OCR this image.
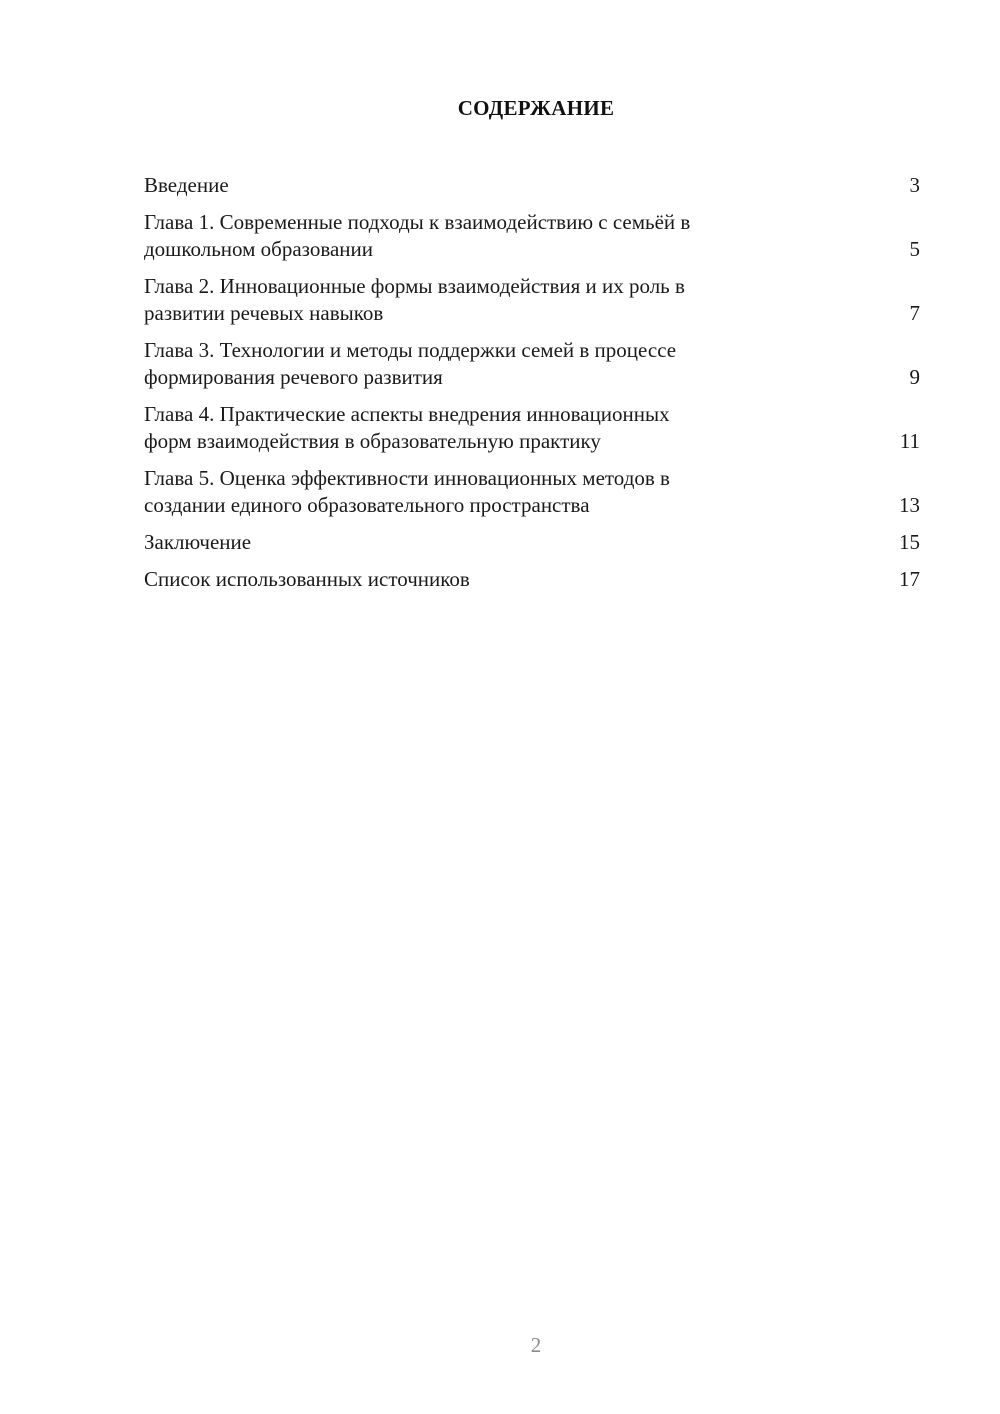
СОДЕРЖАНИЕ
Введение	3
Глава 1. Современные подходы к взаимодействию с семьёй в
дошкольном образовании	5
Глава 2. Инновационные формы взаимодействия и их роль в
развитии речевых навыков	7
Глава 3. Технологии и методы поддержки семей в процессе
формирования речевого развития	9
Глава 4. Практические аспекты внедрения инновационных
форм взаимодействия в образовательную практику	11
Глава 5. Оценка эффективности инновационных методов в
создании единого образовательного пространства	13
Заключение	15
Список использованных источников	17
2
